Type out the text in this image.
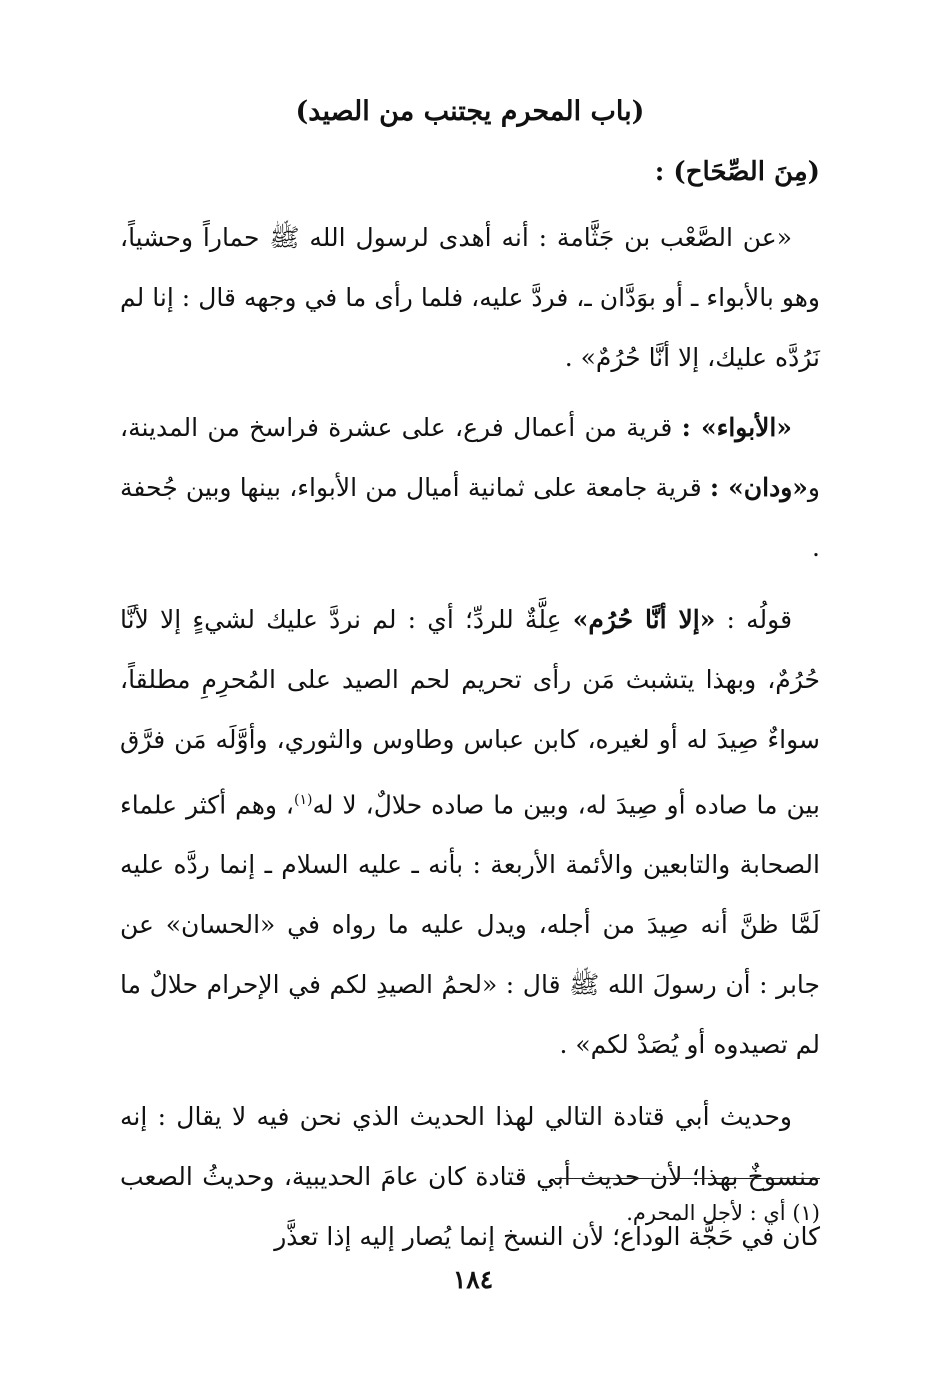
(باب المحرم يجتنب من الصيد)
(مِنَ الصِّحَاح) :

«عن الصَّعْب بن جَثَّامة : أنه أهدى لرسول الله ﷺ حماراً وحشياً، وهو بالأبواء ـ أو بوَدَّان ـ، فردَّ عليه، فلما رأى ما في وجهه قال : إنا لم نَرُدَّه عليك، إلا أنَّا حُرُمٌ» .

«الأبواء» : قرية من أعمال فرع، على عشرة فراسخ من المدينة، و«ودان» : قرية جامعة على ثمانية أميال من الأبواء، بينها وبين جُحفة .

قولُه : «إلا أنَّا حُرُم» عِلَّةٌ للردِّ؛ أي : لم نردَّ عليك لشيءٍ إلا لأنَّا حُرُمٌ، وبهذا يتشبث مَن رأى تحريم لحم الصيد على المُحرِمِ مطلقاً، سواءٌ صِيدَ له أو لغيره، كابن عباس وطاوس والثوري، وأوَّلَه مَن فرَّق بين ما صاده أو صِيدَ له، وبين ما صاده حلالٌ، لا له$^{(١)}$، وهم أكثر علماء الصحابة والتابعين والأئمة الأربعة : بأنه ـ عليه السلام ـ إنما ردَّه عليه لَمَّا ظنَّ أنه صِيدَ من أجله، ويدل عليه ما رواه في «الحسان» عن جابر : أن رسولَ الله ﷺ قال : «لحمُ الصيدِ لكم في الإحرام حلالٌ ما لم تصيدوه أو يُصَدْ لكم» .

وحديث أبي قتادة التالي لهذا الحديث الذي نحن فيه لا يقال : إنه منسوخٌ بهذا؛ لأن حديث أبي قتادة كان عامَ الحديبية، وحديثُ الصعب كان في حَجَّة الوداع؛ لأن النسخ إنما يُصار إليه إذا تعذَّر

(١) أي : لأجل المحرم.
١٨٤
